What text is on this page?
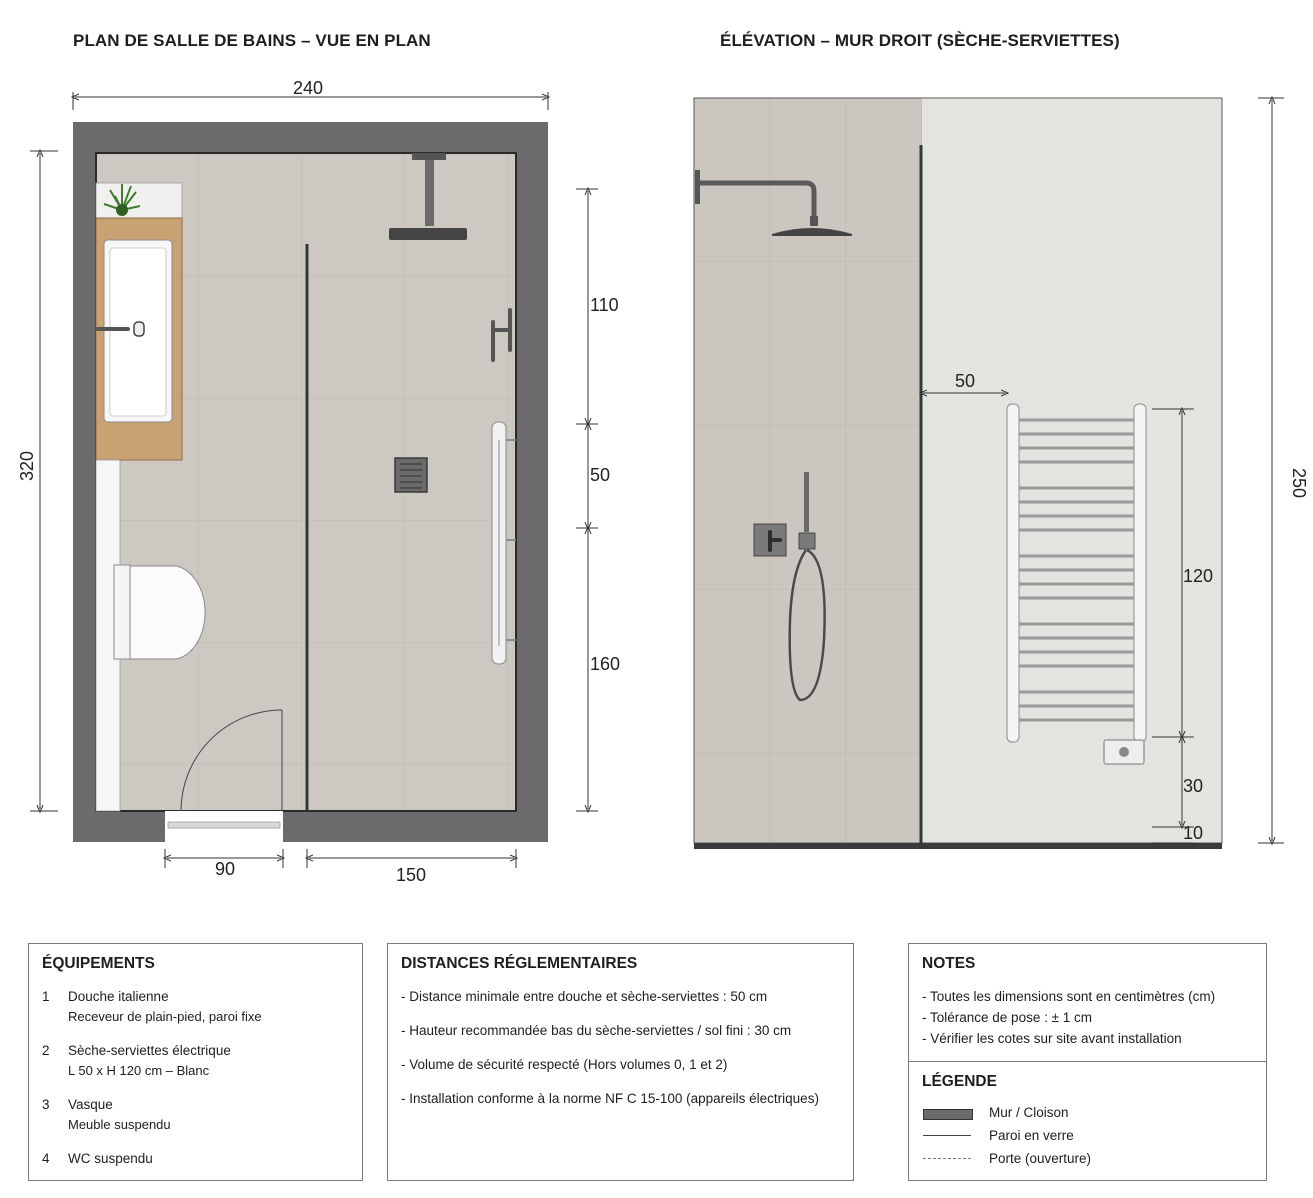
PLAN DE SALLE DE BAINS – VUE EN PLAN	ÉLÉVATION – MUR DROIT (SÈCHE-SERVIETTES)
240
320
110
50
160
90	150
50
120
30
10
250
ÉQUIPEMENTS
1 Douche italienne
Receveur de plain-pied, paroi fixe
2 Sèche-serviettes électrique
L 50 x H 120 cm – Blanc
3 Vasque
Meuble suspendu
4 WC suspendu
DISTANCES RÉGLEMENTAIRES
- Distance minimale entre douche et sèche-serviettes : 50 cm
- Hauteur recommandée bas du sèche-serviettes / sol fini : 30 cm
- Volume de sécurité respecté (Hors volumes 0, 1 et 2)
- Installation conforme à la norme NF C 15-100 (appareils électriques)
NOTES
- Toutes les dimensions sont en centimètres (cm)
- Tolérance de pose : ± 1 cm
- Vérifier les cotes sur site avant installation
LÉGENDE
Mur / Cloison
Paroi en verre
Porte (ouverture)
